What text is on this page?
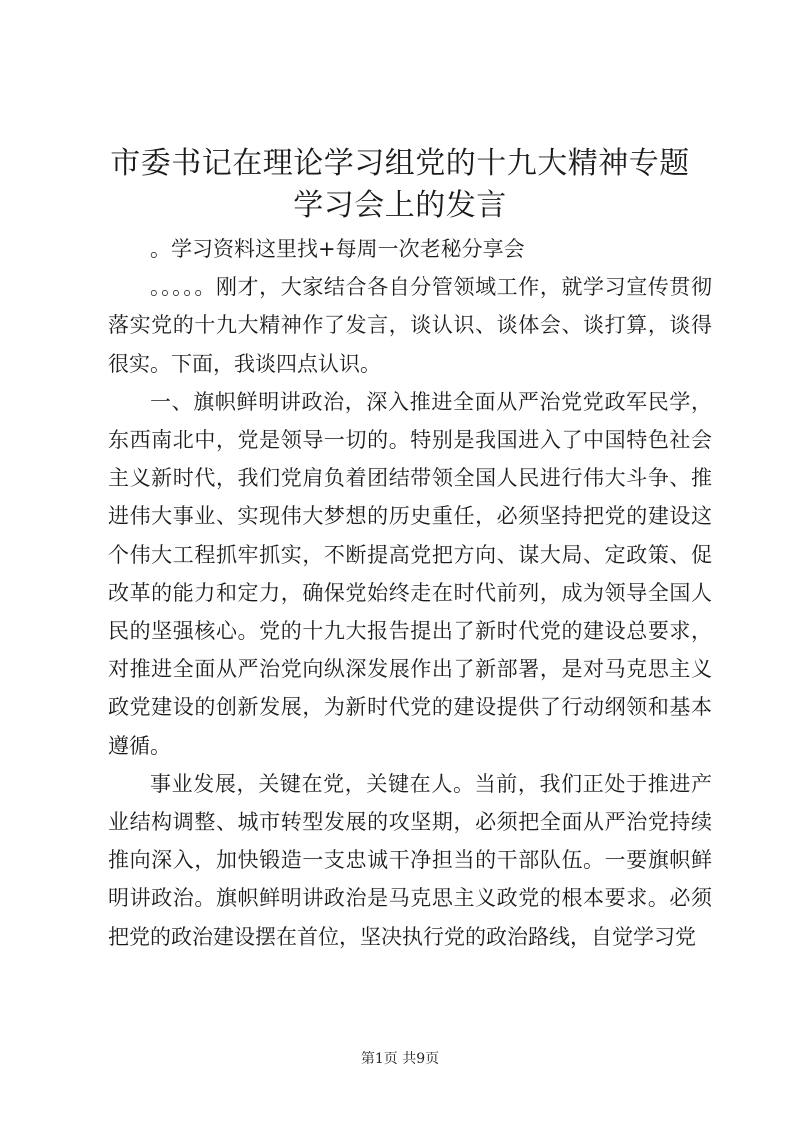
市委书记在理论学习组党的十九大精神专题学习会上的发言

。学习资料这里找+每周一次老秘分享会

。。。。。刚才，大家结合各自分管领域工作，就学习宣传贯彻落实党的十九大精神作了发言，谈认识、谈体会、谈打算，谈得很实。下面，我谈四点认识。

一、旗帜鲜明讲政治，深入推进全面从严治党党政军民学，东西南北中，党是领导一切的。特别是我国进入了中国特色社会主义新时代，我们党肩负着团结带领全国人民进行伟大斗争、推进伟大事业、实现伟大梦想的历史重任，必须坚持把党的建设这个伟大工程抓牢抓实，不断提高党把方向、谋大局、定政策、促改革的能力和定力，确保党始终走在时代前列，成为领导全国人民的坚强核心。党的十九大报告提出了新时代党的建设总要求，对推进全面从严治党向纵深发展作出了新部署，是对马克思主义政党建设的创新发展，为新时代党的建设提供了行动纲领和基本遵循。

事业发展，关键在党，关键在人。当前，我们正处于推进产业结构调整、城市转型发展的攻坚期，必须把全面从严治党持续推向深入，加快锻造一支忠诚干净担当的干部队伍。一要旗帜鲜明讲政治。旗帜鲜明讲政治是马克思主义政党的根本要求。必须把党的政治建设摆在首位，坚决执行党的政治路线，自觉学习党

第1页 共9页
